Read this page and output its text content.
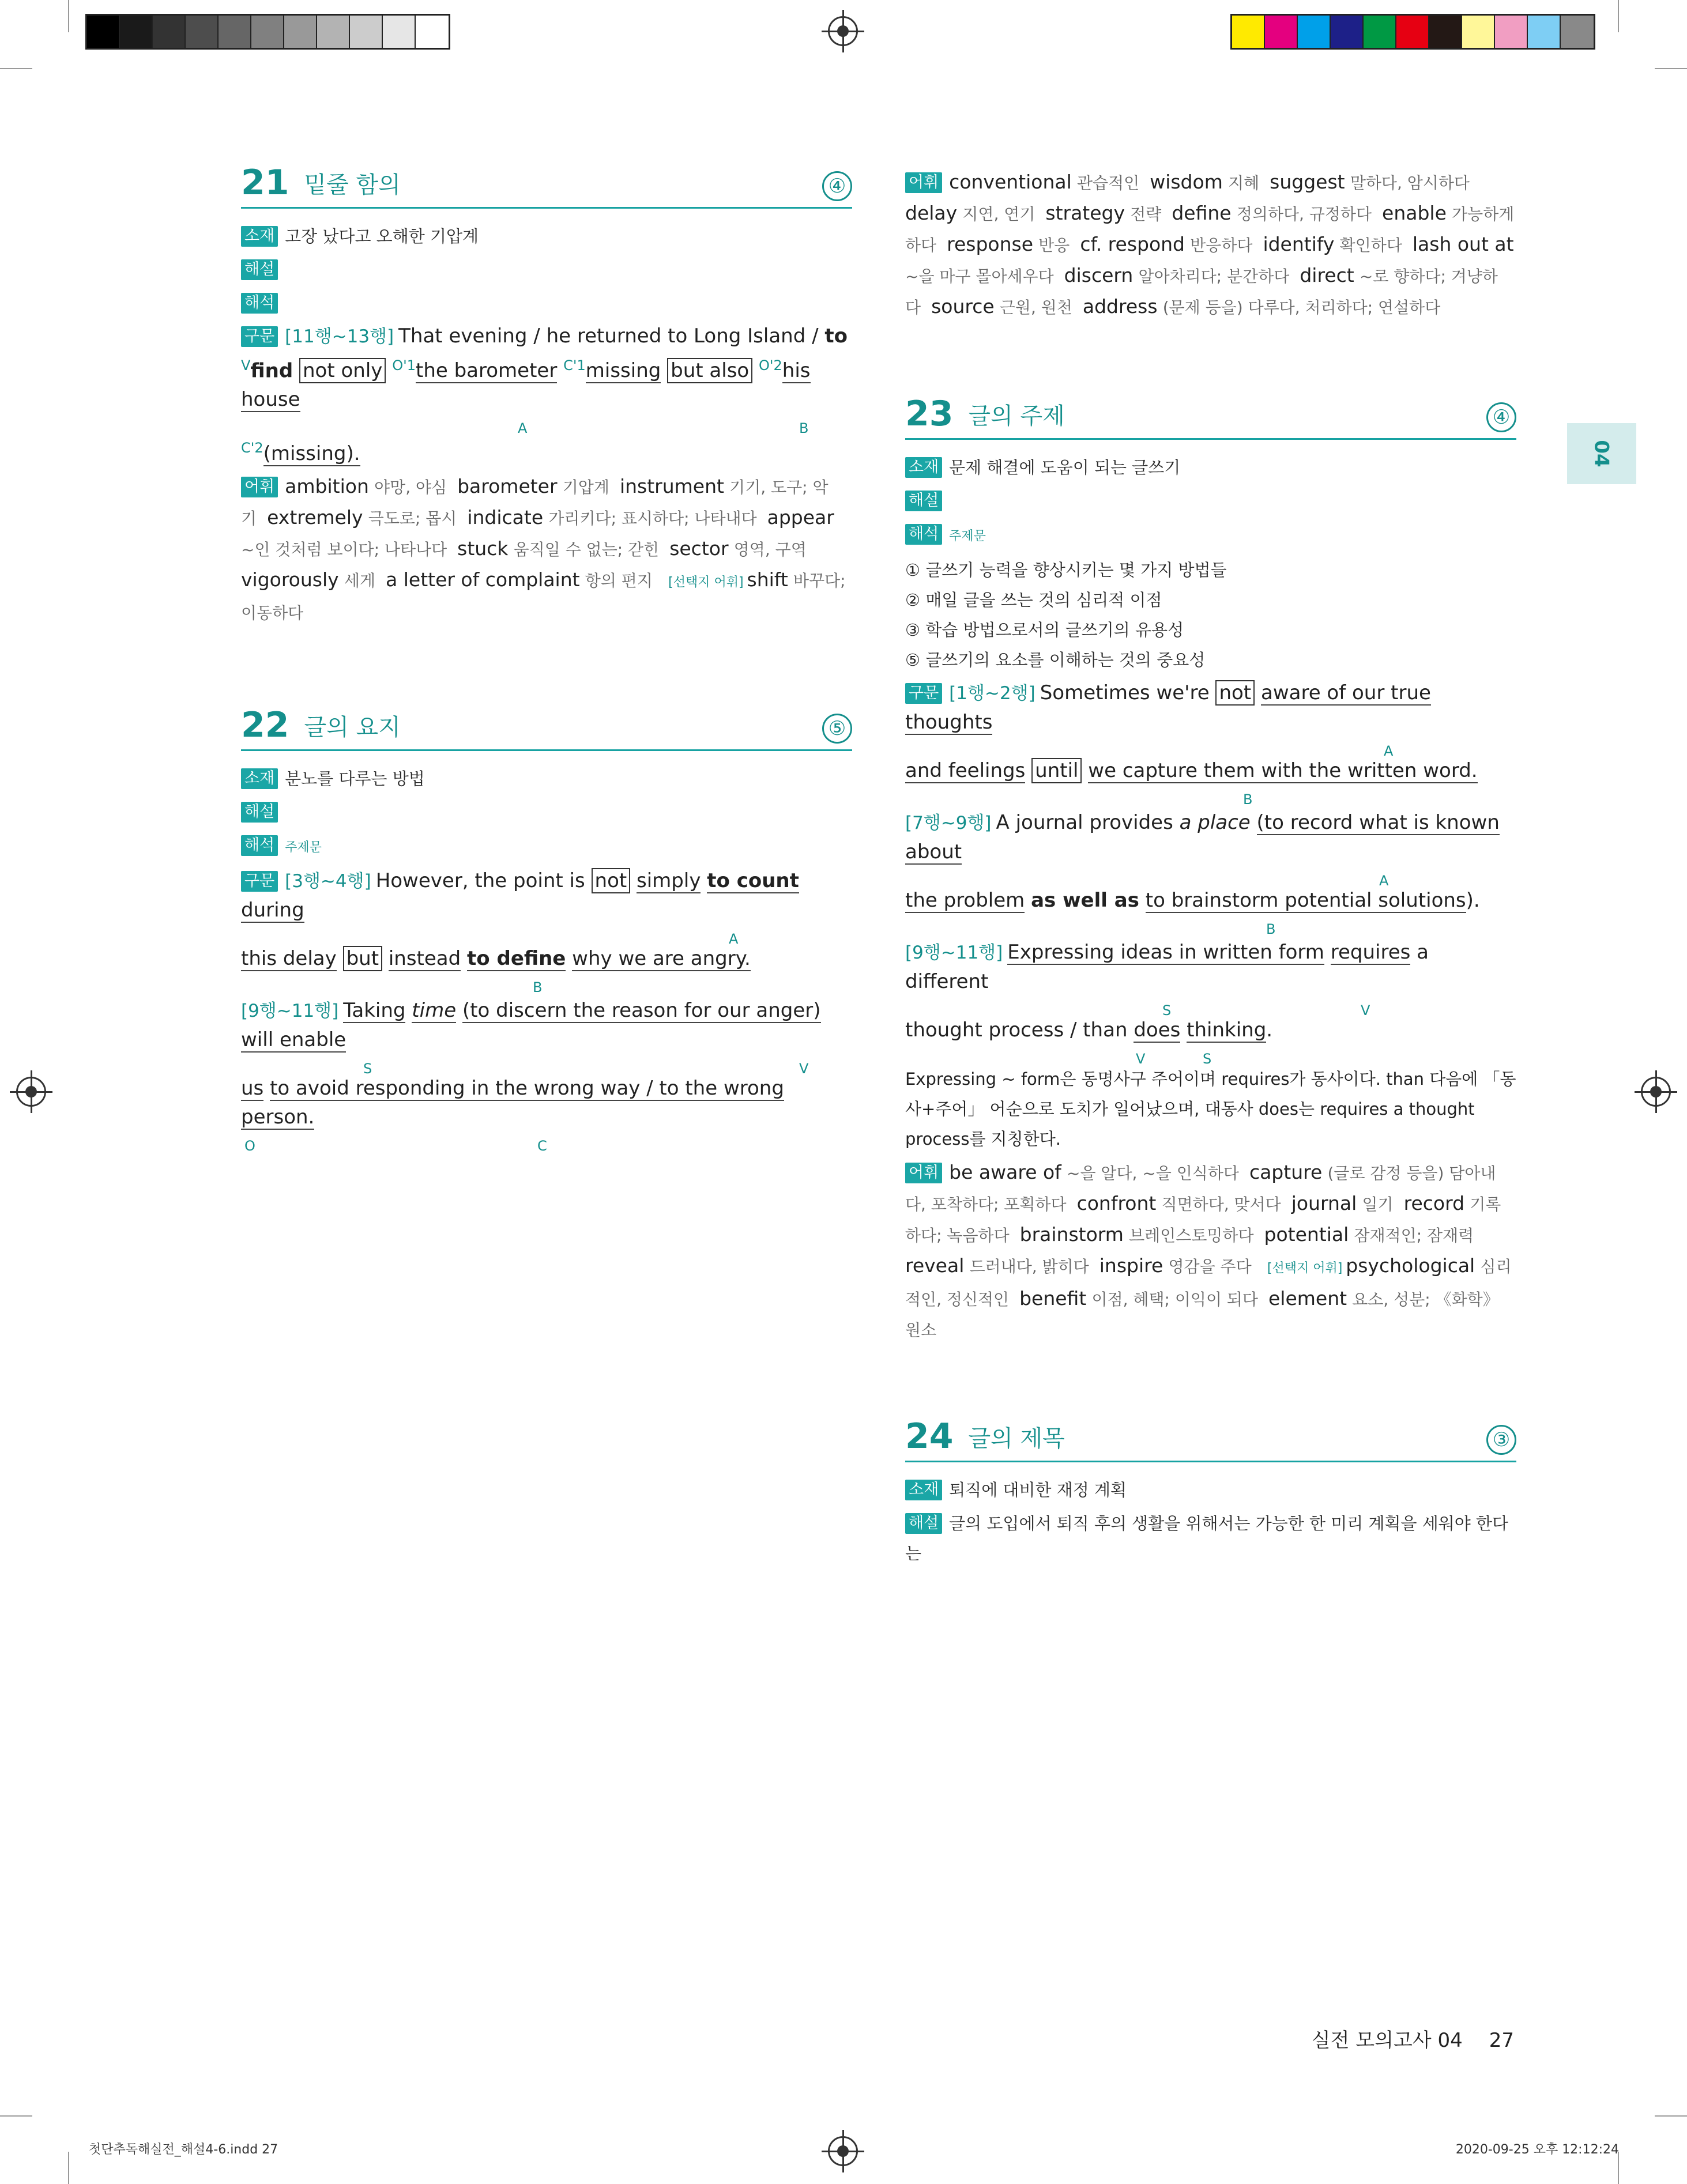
21 밑줄 함의	④
소재 고장 났다고 오해한 기압계
해설
해석
구문 [11행~13행] That evening / he returned to Long Island / to
$^V$find not only $^{O'1}$the barometer $^{C'1}$missing but also $^{O'2}$his house
A	B
$^{C'2}$(missing).
어휘 ambition 야망, 야심 barometer 기압계 instrument 기기, 도구; 악기 extremely 극도로; 몹시 indicate 가리키다; 표시하다; 나타내다 appear ~인 것처럼 보이다; 나타나다 stuck 움직일 수 없는; 갇힌 sector 영역, 구역vigorously 세게 a letter of complaint 항의 편지 [선택지 어휘] shift 바꾸다; 이동하다
22 글의 요지	⑤
소재 분노를 다루는 방법
해설
해석 주제문
구문 [3행~4행] However, the point is not simply to count during
A
this delay but instead to define why we are angry.
B
[9행~11행] Taking time (to discern the reason for our anger) will enable
S	V
us to avoid responding in the wrong way / to the wrong person.
O	C
어휘 conventional 관습적인 wisdom 지혜 suggest 말하다, 암시하다delay 지연, 연기 strategy 전략 define 정의하다, 규정하다 enable 가능하게 하다 response 반응 cf. respond 반응하다 identify 확인하다 lash out at ~을 마구 몰아세우다 discern 알아차리다; 분간하다 direct ~로 향하다; 겨냥하다 source 근원, 원천 address (문제 등을) 다루다, 처리하다; 연설하다
23 글의 주제	④
소재 문제 해결에 도움이 되는 글쓰기
해설
해석 주제문
① 글쓰기 능력을 향상시키는 몇 가지 방법들
② 매일 글을 쓰는 것의 심리적 이점
③ 학습 방법으로서의 글쓰기의 유용성
⑤ 글쓰기의 요소를 이해하는 것의 중요성
구문 [1행~2행] Sometimes we're not aware of our true thoughts
A
and feelings until we capture them with the written word.
B
[7행~9행] A journal provides a place (to record what is known about
A
the problem as well as to brainstorm potential solutions).
B
[9행~11행] Expressing ideas in written form requires a different
S	V
thought process / than does thinking.
V	S
Expressing ~ form은 동명사구 주어이며 requires가 동사이다. than 다음에 「동사+주어」 어순으로 도치가 일어났으며, 대동사 does는 requires a thought process를 지칭한다.
어휘 be aware of ~을 알다, ~을 인식하다 capture (글로 감정 등을) 담아내다, 포착하다; 포획하다 confront 직면하다, 맞서다 journal 일기 record 기록하다; 녹음하다 brainstorm 브레인스토밍하다 potential 잠재적인; 잠재력reveal 드러내다, 밝히다 inspire 영감을 주다 [선택지 어휘] psychological 심리적인, 정신적인 benefit 이점, 혜택; 이익이 되다 element 요소, 성분; 《화학》 원소
24 글의 제목	③
소재 퇴직에 대비한 재정 계획
해설 글의 도입에서 퇴직 후의 생활을 위해서는 가능한 한 미리 계획을 세워야 한다는
04
실전 모의고사 04 27
첫단추독해실전_해설4-6.indd 27	2020-09-25 오후 12:12:24
